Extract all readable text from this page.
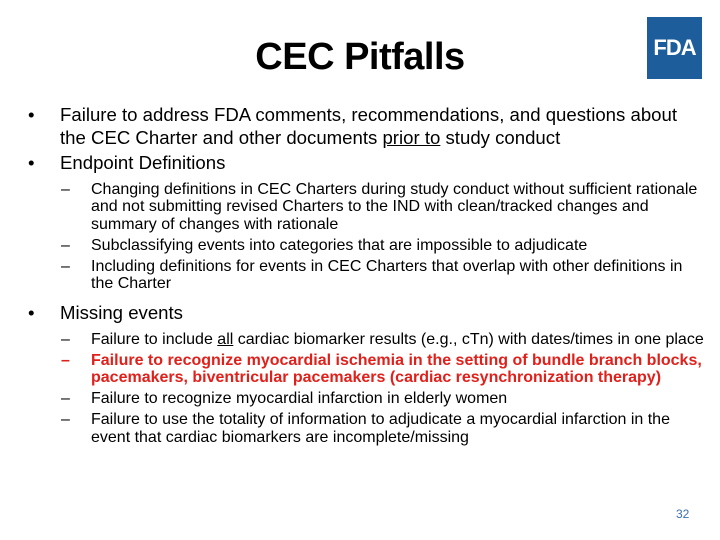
CEC Pitfalls	FDA
• Failure to address FDA comments, recommendations, and questions about the CEC Charter and other documents prior to study conduct
• Endpoint Definitions
– Changing definitions in CEC Charters during study conduct without sufficient rationale and not submitting revised Charters to the IND with clean/tracked changes and summary of changes with rationale
– Subclassifying events into categories that are impossible to adjudicate
– Including definitions for events in CEC Charters that overlap with other definitions in the Charter
• Missing events
– Failure to include all cardiac biomarker results (e.g., cTn) with dates/times in one place
– Failure to recognize myocardial ischemia in the setting of bundle branch blocks, pacemakers, biventricular pacemakers (cardiac resynchronization therapy)
– Failure to recognize myocardial infarction in elderly women
– Failure to use the totality of information to adjudicate a myocardial infarction in the event that cardiac biomarkers are incomplete/missing
32
